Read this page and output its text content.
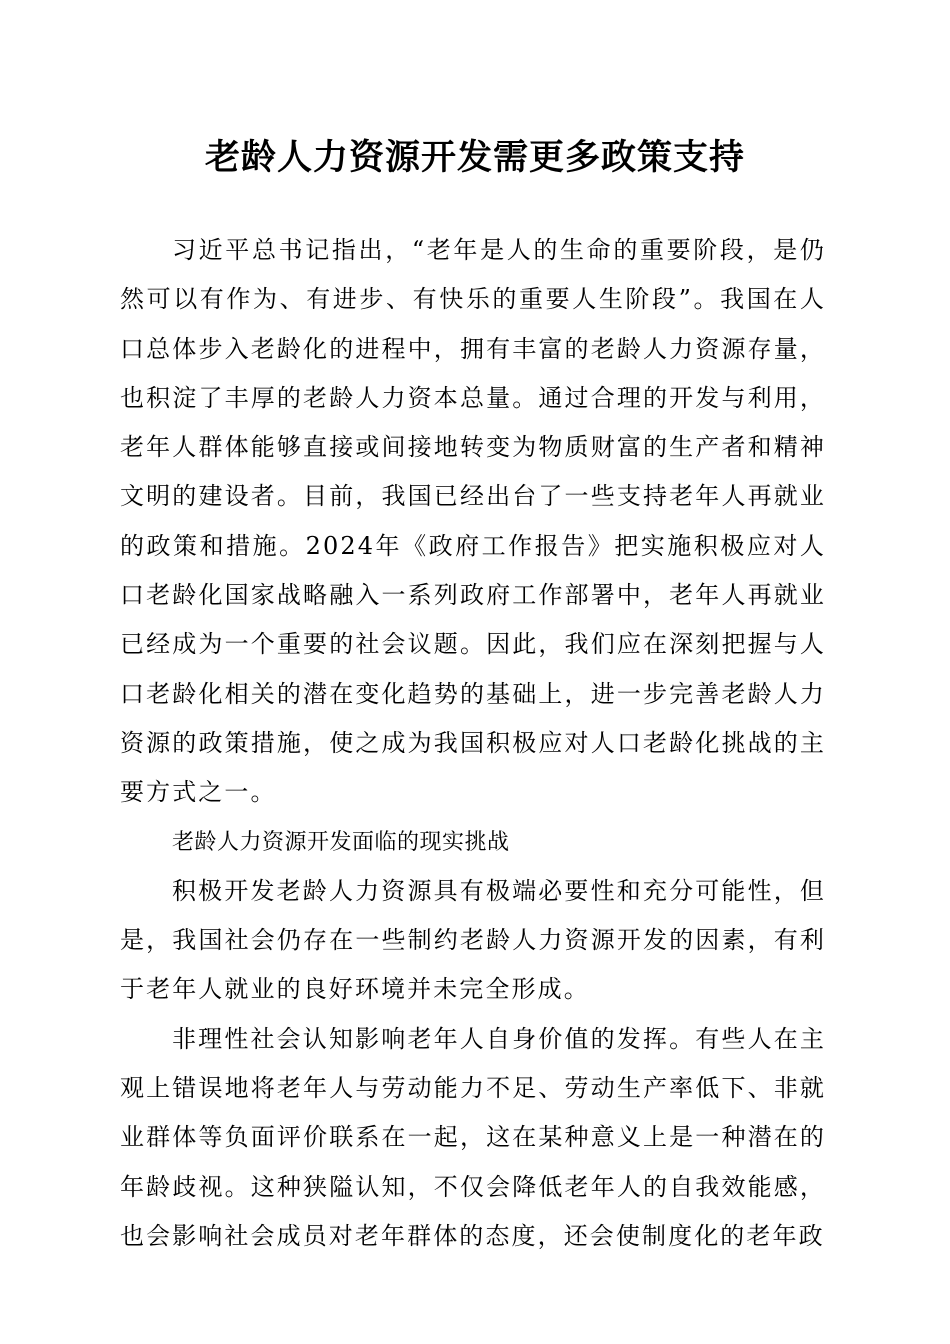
老龄人力资源开发需更多政策支持

习近平总书记指出，“老年是人的生命的重要阶段，是仍然可以有作为、有进步、有快乐的重要人生阶段”。我国在人口总体步入老龄化的进程中，拥有丰富的老龄人力资源存量，也积淀了丰厚的老龄人力资本总量。通过合理的开发与利用，老年人群体能够直接或间接地转变为物质财富的生产者和精神文明的建设者。目前，我国已经出台了一些支持老年人再就业的政策和措施。2024年《政府工作报告》把实施积极应对人口老龄化国家战略融入一系列政府工作部署中，老年人再就业已经成为一个重要的社会议题。因此，我们应在深刻把握与人口老龄化相关的潜在变化趋势的基础上，进一步完善老龄人力资源的政策措施，使之成为我国积极应对人口老龄化挑战的主要方式之一。

老龄人力资源开发面临的现实挑战

积极开发老龄人力资源具有极端必要性和充分可能性，但是，我国社会仍存在一些制约老龄人力资源开发的因素，有利于老年人就业的良好环境并未完全形成。

非理性社会认知影响老年人自身价值的发挥。有些人在主观上错误地将老年人与劳动能力不足、劳动生产率低下、非就业群体等负面评价联系在一起，这在某种意义上是一种潜在的年龄歧视。这种狭隘认知，不仅会降低老年人的自我效能感，也会影响社会成员对老年群体的态度，还会使制度化的老年政
